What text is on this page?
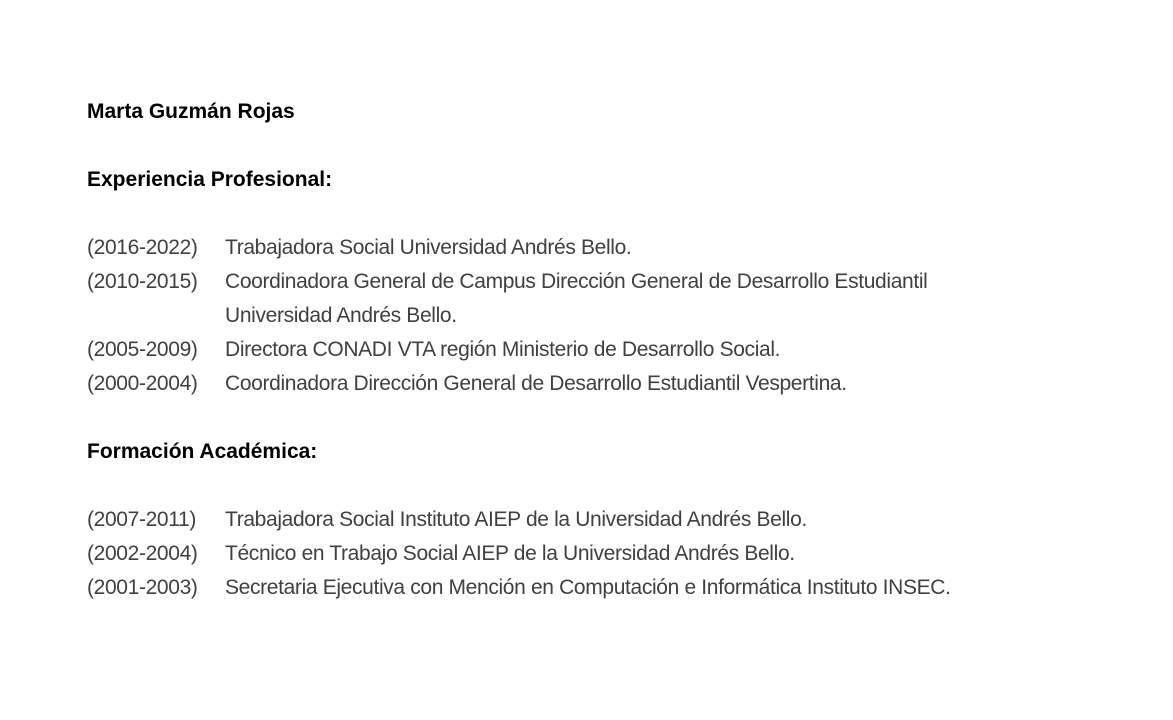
Marta Guzmán Rojas

Experiencia Profesional:

(2016-2022)	Trabajadora Social Universidad Andrés Bello.
(2010-2015)	Coordinadora General de Campus Dirección General de Desarrollo Estudiantil Universidad Andrés Bello.
(2005-2009)	Directora CONADI VTA región Ministerio de Desarrollo Social.
(2000-2004)	Coordinadora Dirección General de Desarrollo Estudiantil Vespertina.

Formación Académica:

(2007-2011)	Trabajadora Social Instituto AIEP de la Universidad Andrés Bello.
(2002-2004)	Técnico en Trabajo Social AIEP de la Universidad Andrés Bello.
(2001-2003)	Secretaria Ejecutiva con Mención en Computación e Informática Instituto INSEC.
